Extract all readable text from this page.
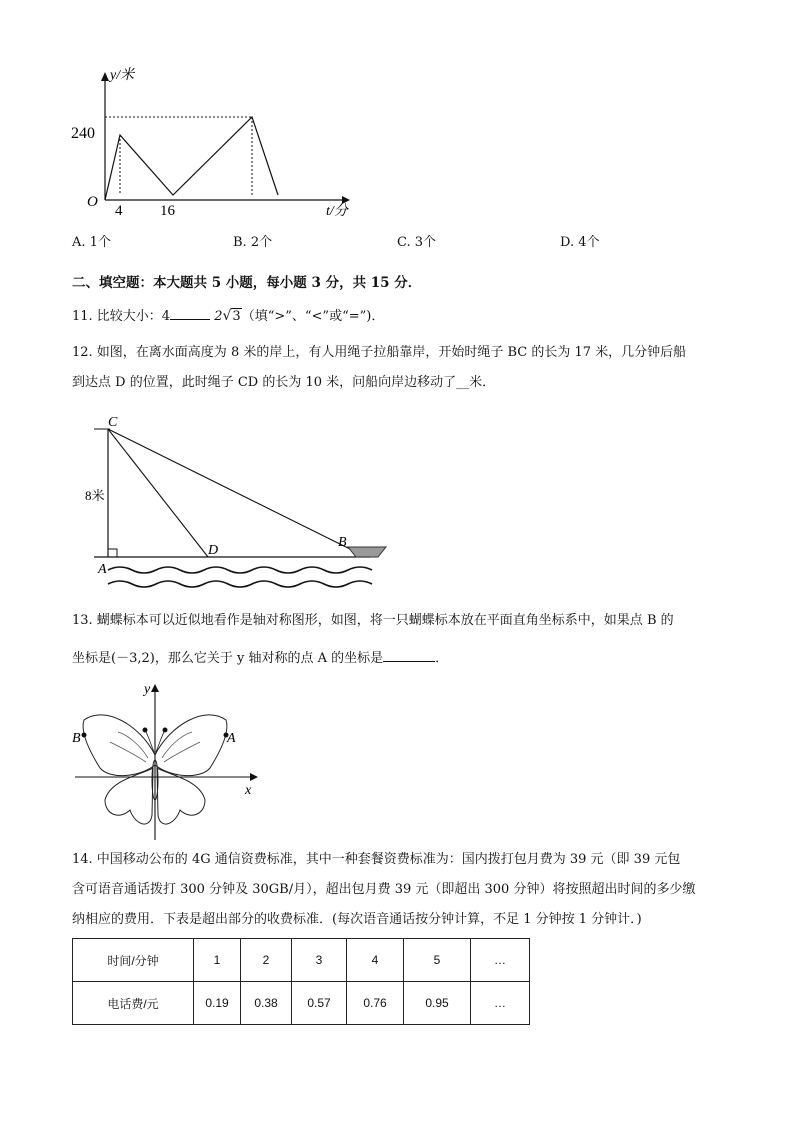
y/米
t/分
O
240
4	16
A. 1个	B. 2个	C. 3个	D. 4个
二、填空题：本大题共 5 小题，每小题 3 分，共 15 分．
11. 比较大小：4	2√3（填“>”、“<”或“=”)．
12. 如图，在离水面高度为 8 米的岸上，有人用绳子拉船靠岸，开始时绳子 BC 的长为 17 米，几分钟后船
到达点 D 的位置，此时绳子 CD 的长为 10 米，问船向岸边移动了__米．
C
A
D
B
8米
13. 蝴蝶标本可以近似地看作是轴对称图形，如图，将一只蝴蝶标本放在平面直角坐标系中，如果点 B 的
坐标是(－3,2)，那么它关于 y 轴对称的点 A 的坐标是	．
B	A
x
y
14. 中国移动公布的 4G 通信资费标准，其中一种套餐资费标准为：国内拨打包月费为 39 元（即 39 元包
含可语音通话拨打 300 分钟及 30GB/月），超出包月费 39 元（即超出 300 分钟）将按照超出时间的多少缴
纳相应的费用．下表是超出部分的收费标准．(每次语音通话按分钟计算，不足 1 分钟按 1 分钟计．)
时间/分钟	1	2	3	4	5	…
电话费/元	0.19	0.38	0.57	0.76	0.95	…
